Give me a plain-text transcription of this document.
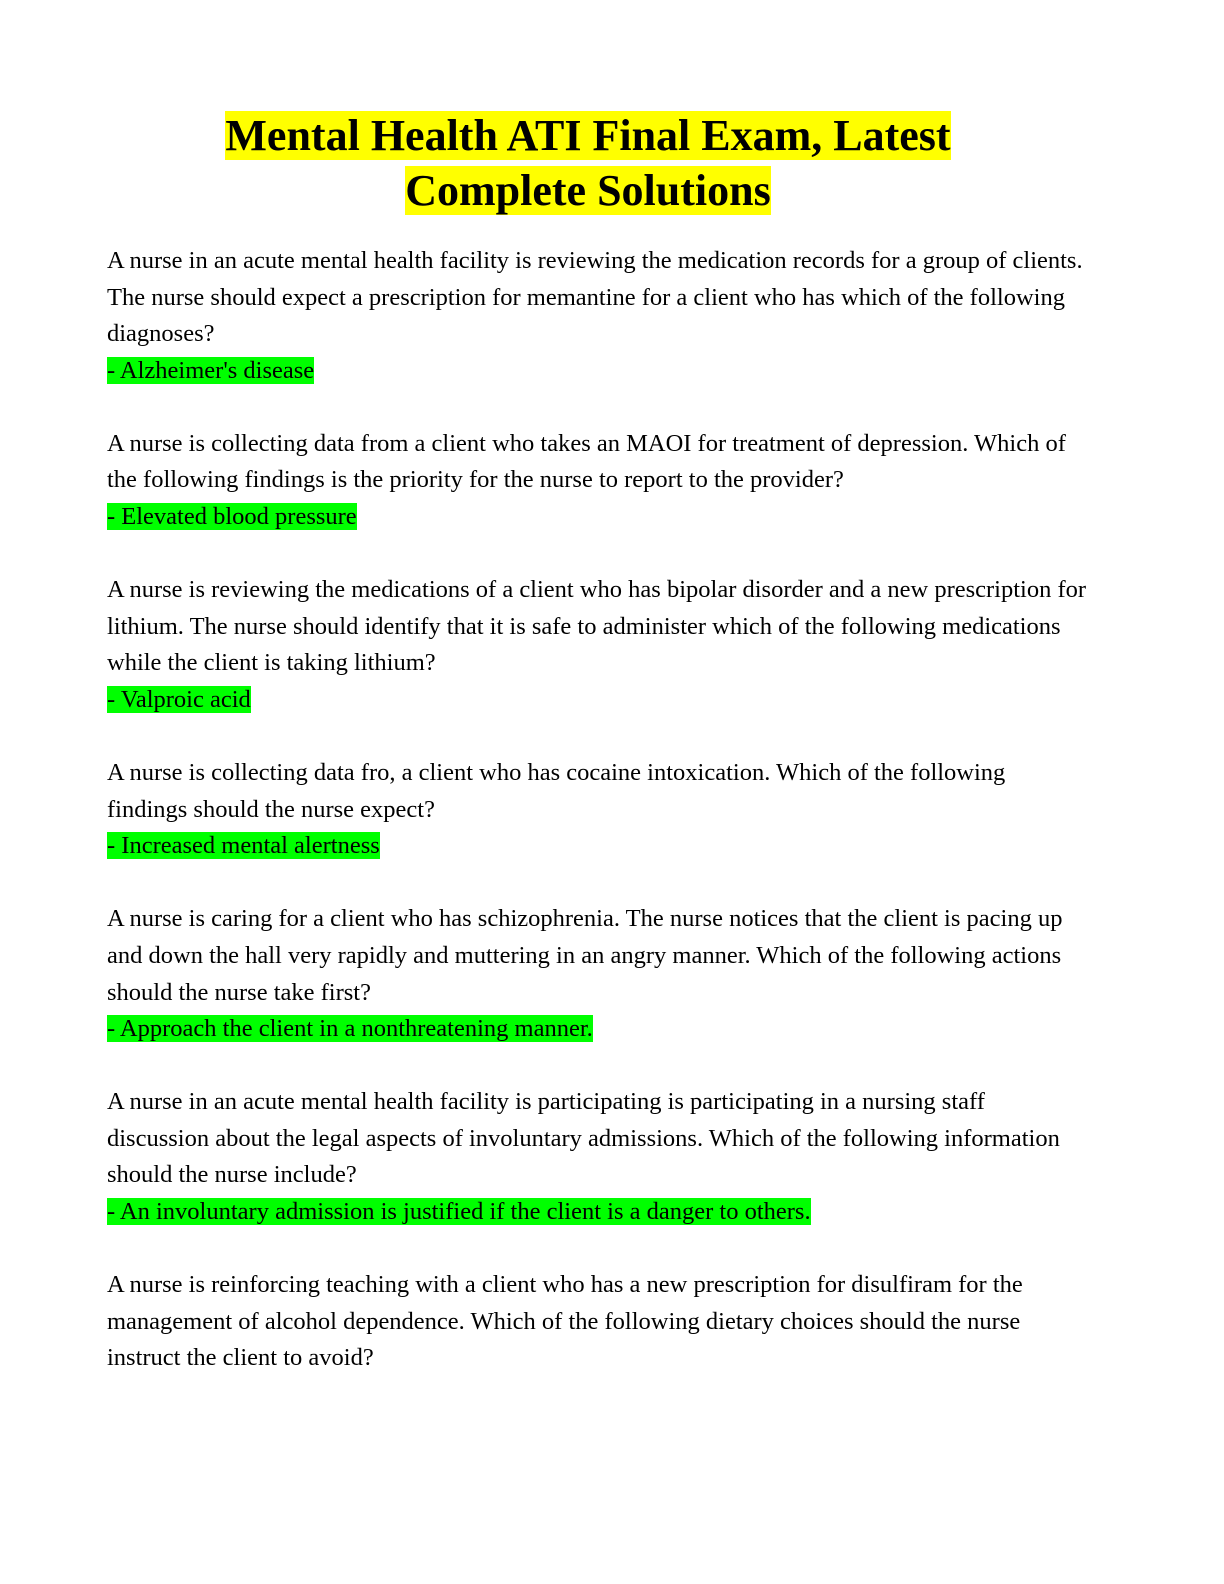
Mental Health ATI Final Exam, Latest
Complete Solutions

A nurse in an acute mental health facility is reviewing the medication records for a group of clients. The nurse should expect a prescription for memantine for a client who has which of the following diagnoses?

- Alzheimer's disease

A nurse is collecting data from a client who takes an MAOI for treatment of depression. Which of the following findings is the priority for the nurse to report to the provider?

- Elevated blood pressure

A nurse is reviewing the medications of a client who has bipolar disorder and a new prescription for lithium. The nurse should identify that it is safe to administer which of the following medications while the client is taking lithium?

- Valproic acid

A nurse is collecting data fro, a client who has cocaine intoxication. Which of the following findings should the nurse expect?

- Increased mental alertness

A nurse is caring for a client who has schizophrenia. The nurse notices that the client is pacing up and down the hall very rapidly and muttering in an angry manner. Which of the following actions should the nurse take first?

- Approach the client in a nonthreatening manner.

A nurse in an acute mental health facility is participating is participating in a nursing staff discussion about the legal aspects of involuntary admissions. Which of the following information should the nurse include?

- An involuntary admission is justified if the client is a danger to others.

A nurse is reinforcing teaching with a client who has a new prescription for disulfiram for the management of alcohol dependence. Which of the following dietary choices should the nurse instruct the client to avoid?
